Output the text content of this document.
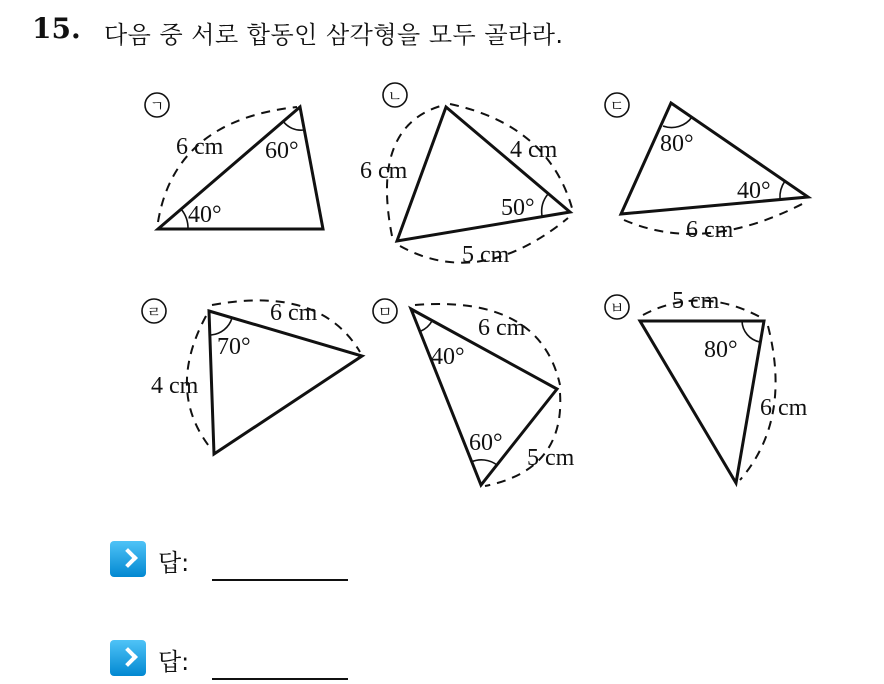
15. 다음 중 서로 합동인 삼각형을 모두 골라라.
ㄱ
ㄴ
ㄷ
ㄹ	ㅁ	ㅂ
6 cm 60°
40°
6 cm
4 cm
50°
5 cm
80°
40°
6 cm
6 cm
70°
4 cm
6 cm
40°
60°
5 cm
5 cm
80°
6 cm
답:
답:
